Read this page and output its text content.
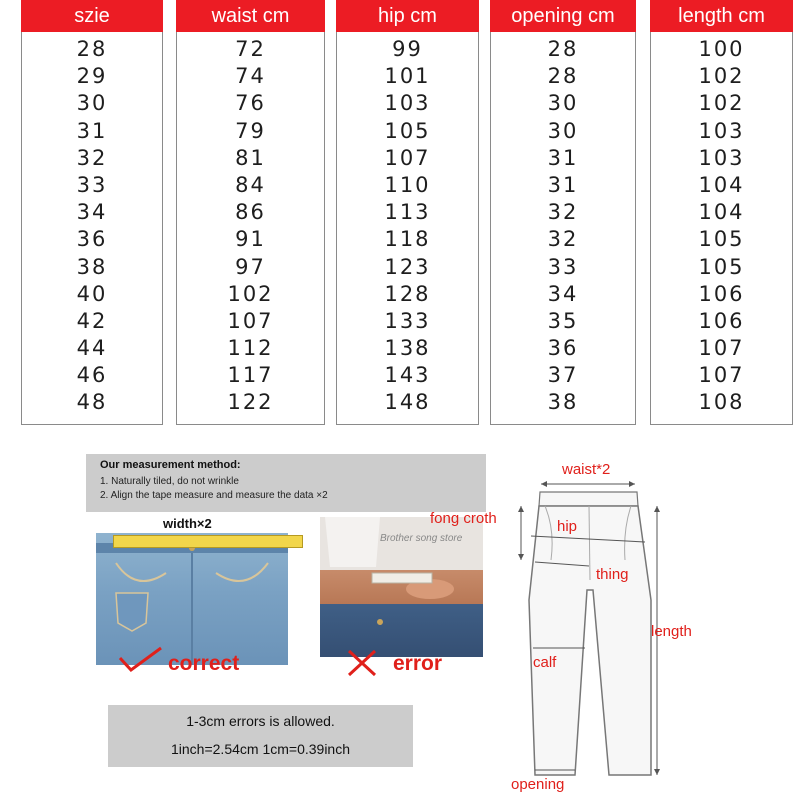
szie
28
29
30
31
32
33
34
36
38
40
42
44
46
48
waist cm
72
74
76
79
81
84
86
91
97
102
107
112
117
122
hip cm
99
101
103
105
107
110
113
118
123
128
133
138
143
148
opening cm
28
28
30
30
31
31
32
32
33
34
35
36
37
38
length cm
100
102
102
103
103
104
104
105
105
106
106
107
107
108
Our measurement method:
1. Naturally tiled, do not wrinkle
2. Align the tape measure and measure the data ×2
width×2
correct
Brother song store
error
1-3cm errors is allowed.
1inch=2.54cm 1cm=0.39inch
waist*2
fong croth	hip
thing
length
calf
opening
